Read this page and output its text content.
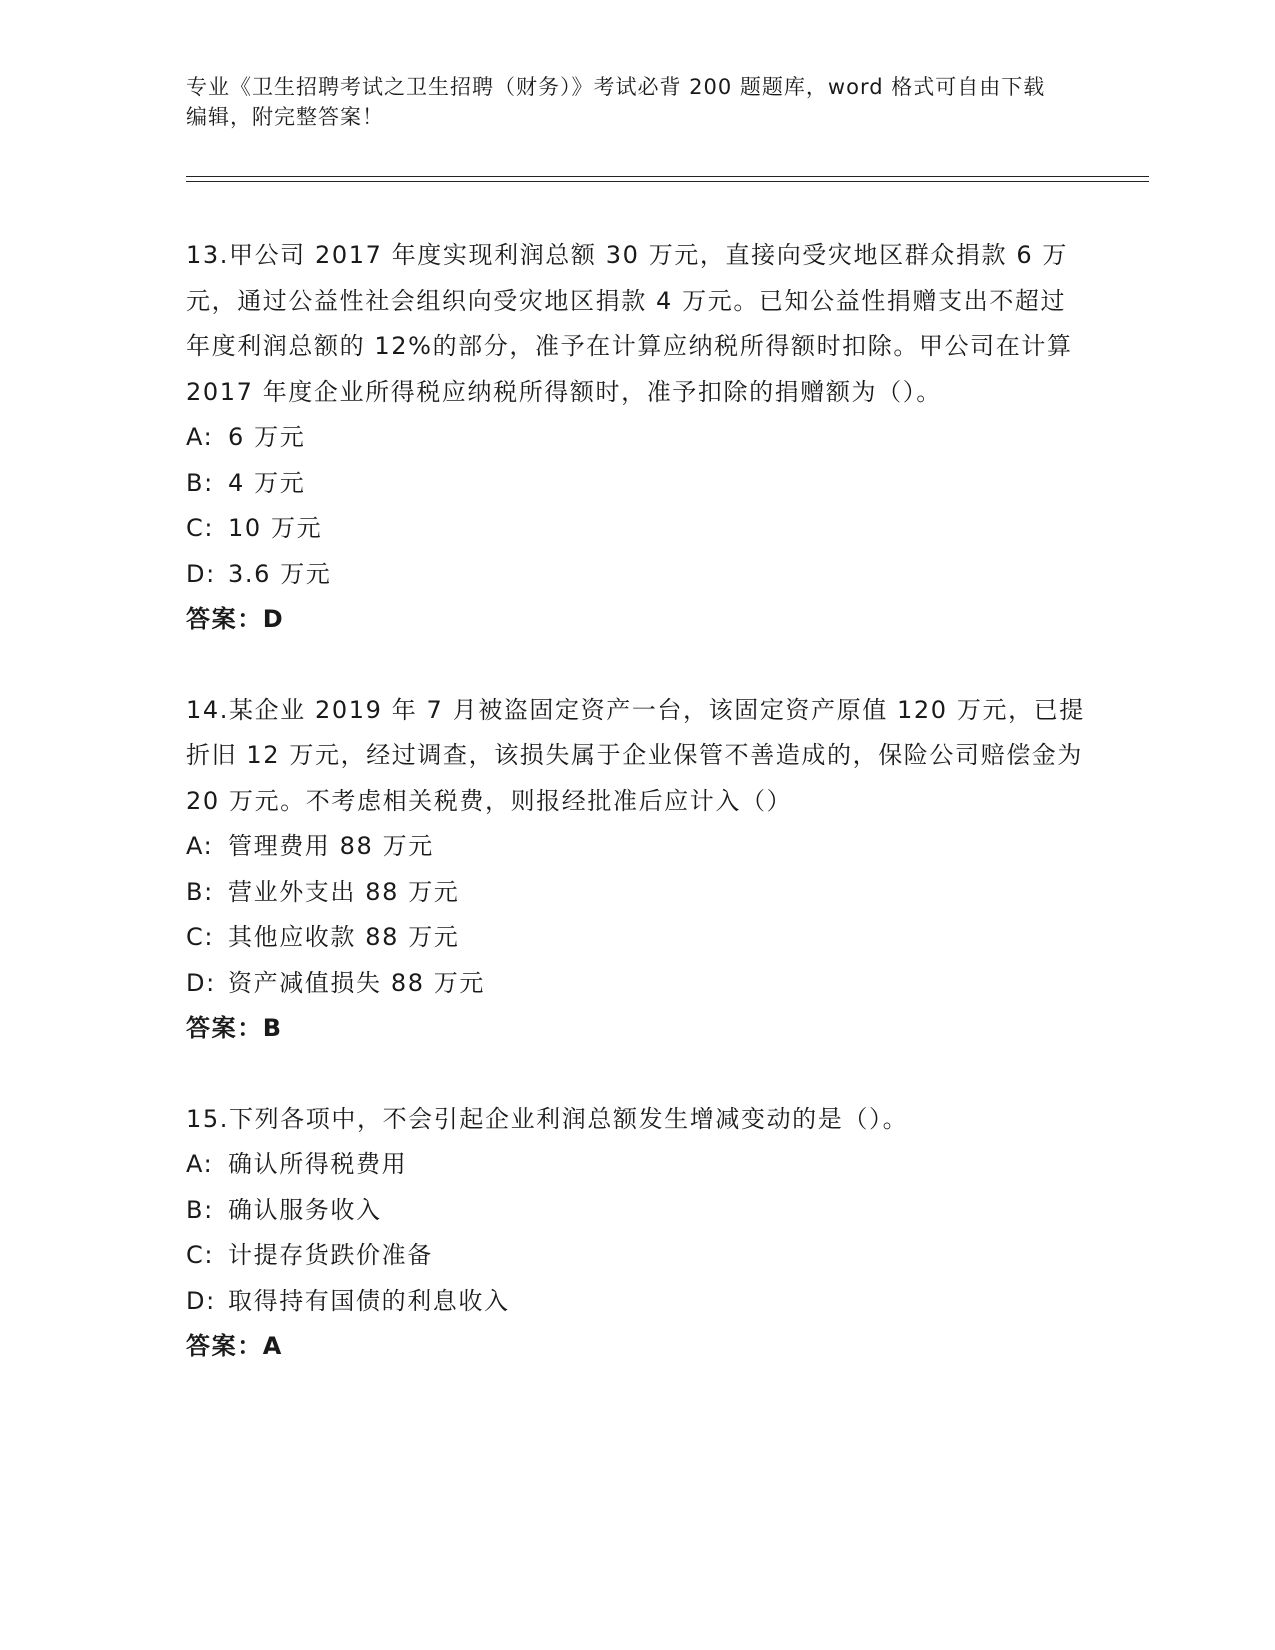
专业《卫生招聘考试之卫生招聘（财务）》考试必背 200 题题库，word 格式可自由下载编辑，附完整答案！
13.甲公司 2017 年度实现利润总额 30 万元，直接向受灾地区群众捐款 6 万元，通过公益性社会组织向受灾地区捐款 4 万元。已知公益性捐赠支出不超过年度利润总额的 12%的部分，准予在计算应纳税所得额时扣除。甲公司在计算 2017 年度企业所得税应纳税所得额时，准予扣除的捐赠额为（）。
A: 6 万元
B: 4 万元
C: 10 万元
D: 3.6 万元
答案：D
14.某企业 2019 年 7 月被盗固定资产一台，该固定资产原值 120 万元，已提折旧 12 万元，经过调查，该损失属于企业保管不善造成的，保险公司赔偿金为 20 万元。不考虑相关税费，则报经批准后应计入（）
A: 管理费用 88 万元
B: 营业外支出 88 万元
C: 其他应收款 88 万元
D: 资产减值损失 88 万元
答案：B
15.下列各项中，不会引起企业利润总额发生增减变动的是（）。
A: 确认所得税费用
B: 确认服务收入
C: 计提存货跌价准备
D: 取得持有国债的利息收入
答案：A
